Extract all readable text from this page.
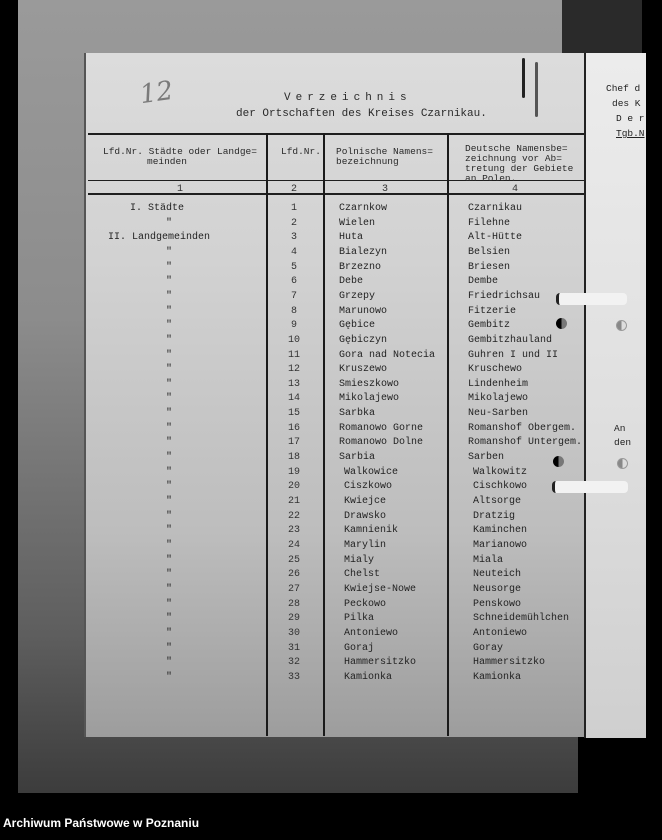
Chef d
des K
D e r
Tgb.N
An
den
12	Verzeichnis
der Ortschaften des Kreises Czarnikau.
Lfd.Nr. Städte oder Landge=
meinden
Lfd.Nr. Polnische Namens=
bezeichnung
Deutsche Namensbe=
zeichnung vor Ab=
tretung der Gebiete
an Polen.
1	2	3	4
I. Städte	1	Czarnkow	Czarnikau
"	2	Wielen	Filehne
II. Landgemeinden	3	Huta	Alt-Hütte
"	4	Bialezyn	Belsien
"	5	Brzezno	Briesen
"	6	Debe	Dembe
"	7	Grzepy	Friedrichsau
"	8	Marunowo	Fitzerie
"	9	Gębice	Gembitz
"	10	Gębiczyn	Gembitzhauland
"	11	Gora nad Notecia	Guhren I und II
"	12	Kruszewo	Kruschewo
"	13	Smieszkowo	Lindenheim
"	14	Mikolajewo	Mikolajewo
"	15	Sarbka	Neu-Sarben
"	16	Romanowo Gorne	Romanshof Obergem.
"	17	Romanowo Dolne	Romanshof Untergem.
"	18	Sarbia	Sarben
"	19	Walkowice	Walkowitz
"	20	Ciszkowo	Cischkowo
"	21	Kwiejce	Altsorge
"	22	Drawsko	Dratzig
"	23	Kamnienik	Kaminchen
"	24	Marylin	Marianowo
"	25	Mialy	Miala
"	26	Chelst	Neuteich
"	27	Kwiejse-Nowe	Neusorge
"	28	Peckowo	Penskowo
"	29	Pilka	Schneidemühlchen
"	30	Antoniewo	Antoniewo
"	31	Goraj	Goray
"	32	Hammersitzko	Hammersitzko
"	33	Kamionka	Kamionka
Archiwum Państwowe w Poznaniu
